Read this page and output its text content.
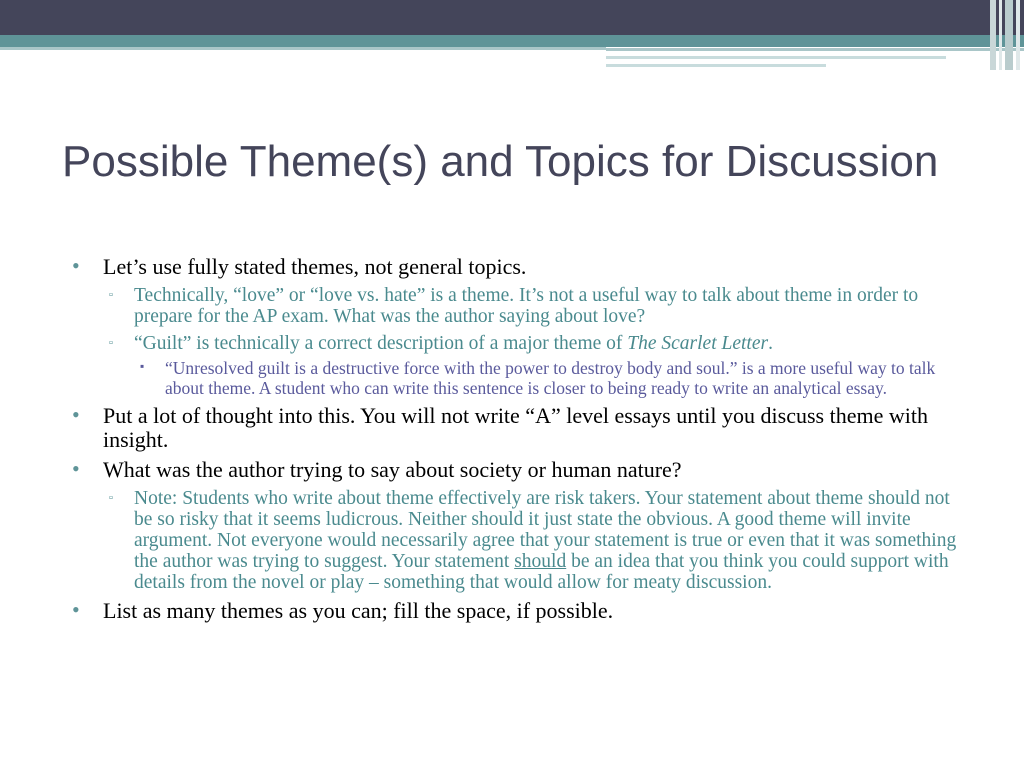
Possible Theme(s) and Topics for Discussion
• Let’s use fully stated themes, not general topics.
▫ Technically, “love” or “love vs. hate” is a theme. It’s not a useful way to talk about theme in order to prepare for the AP exam. What was the author saying about love?
▫ “Guilt” is technically a correct description of a major theme of The Scarlet Letter.
▪ “Unresolved guilt is a destructive force with the power to destroy body and soul.” is a more useful way to talk about theme. A student who can write this sentence is closer to being ready to write an analytical essay.
• Put a lot of thought into this. You will not write “A” level essays until you discuss theme with insight.
• What was the author trying to say about society or human nature?
▫ Note: Students who write about theme effectively are risk takers. Your statement about theme should not be so risky that it seems ludicrous. Neither should it just state the obvious. A good theme will invite argument. Not everyone would necessarily agree that your statement is true or even that it was something the author was trying to suggest. Your statement should be an idea that you think you could support with details from the novel or play – something that would allow for meaty discussion.
• List as many themes as you can; fill the space, if possible.
